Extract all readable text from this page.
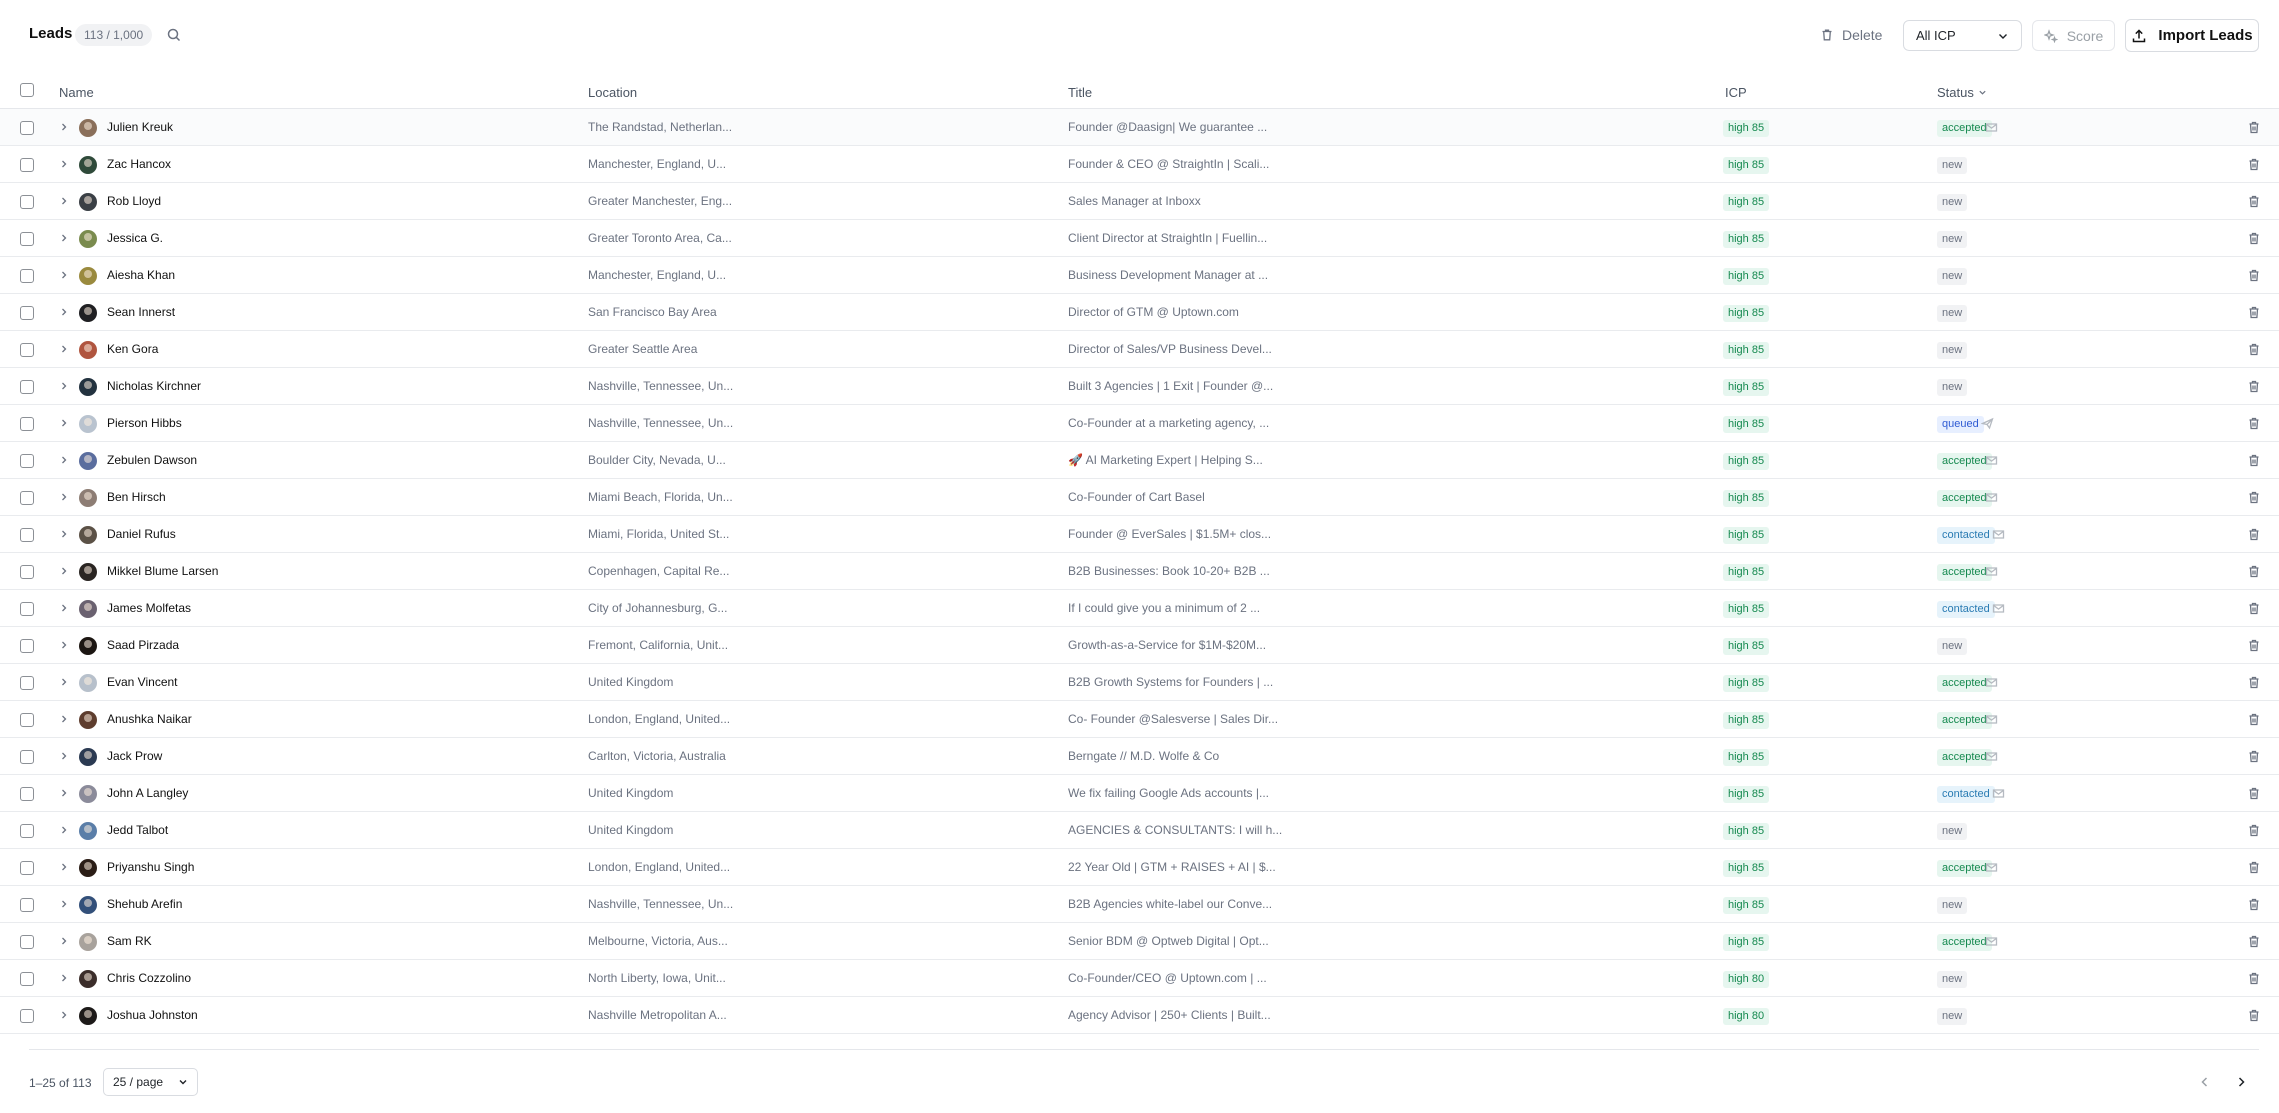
Leads 113 / 1,000	Delete	All ICP	Score	Import Leads
Name	Location	Title	ICP	Status
Julien Kreuk	The Randstad, Netherlan...	Founder @Daasign| We guarantee ...	high 85	accepted
Zac Hancox	Manchester, England, U...	Founder & CEO @ StraightIn | Scali...	high 85	new
Rob Lloyd	Greater Manchester, Eng...	Sales Manager at Inboxx	high 85	new
Jessica G.	Greater Toronto Area, Ca...	Client Director at StraightIn | Fuellin...	high 85	new
Aiesha Khan	Manchester, England, U...	Business Development Manager at ...	high 85	new
Sean Innerst	San Francisco Bay Area	Director of GTM @ Uptown.com	high 85	new
Ken Gora	Greater Seattle Area	Director of Sales/VP Business Devel...	high 85	new
Nicholas Kirchner	Nashville, Tennessee, Un...	Built 3 Agencies | 1 Exit | Founder @...	high 85	new
Pierson Hibbs	Nashville, Tennessee, Un...	Co-Founder at a marketing agency, ...	high 85	queued
Zebulen Dawson	Boulder City, Nevada, U...	🚀 AI Marketing Expert | Helping S...	high 85	accepted
Ben Hirsch	Miami Beach, Florida, Un...	Co-Founder of Cart Basel	high 85	accepted
Daniel Rufus	Miami, Florida, United St...	Founder @ EverSales | $1.5M+ clos...	high 85	contacted
Mikkel Blume Larsen	Copenhagen, Capital Re...	B2B Businesses: Book 10-20+ B2B ...	high 85	accepted
James Molfetas	City of Johannesburg, G...	If I could give you a minimum of 2 ...	high 85	contacted
Saad Pirzada	Fremont, California, Unit...	Growth-as-a-Service for $1M-$20M...	high 85	new
Evan Vincent	United Kingdom	B2B Growth Systems for Founders | ...	high 85	accepted
Anushka Naikar	London, England, United...	Co- Founder @Salesverse | Sales Dir...	high 85	accepted
Jack Prow	Carlton, Victoria, Australia	Berngate // M.D. Wolfe & Co	high 85	accepted
John A Langley	United Kingdom	We fix failing Google Ads accounts |...	high 85	contacted
Jedd Talbot	United Kingdom	AGENCIES & CONSULTANTS: I will h...	high 85	new
Priyanshu Singh	London, England, United...	22 Year Old | GTM + RAISES + AI | $...	high 85	accepted
Shehub Arefin	Nashville, Tennessee, Un...	B2B Agencies white-label our Conve...	high 85	new
Sam RK	Melbourne, Victoria, Aus...	Senior BDM @ Optweb Digital | Opt...	high 85	accepted
Chris Cozzolino	North Liberty, Iowa, Unit...	Co-Founder/CEO @ Uptown.com | ...	high 80	new
Joshua Johnston	Nashville Metropolitan A...	Agency Advisor | 250+ Clients | Built...	high 80	new
1–25 of 113 25 / page
